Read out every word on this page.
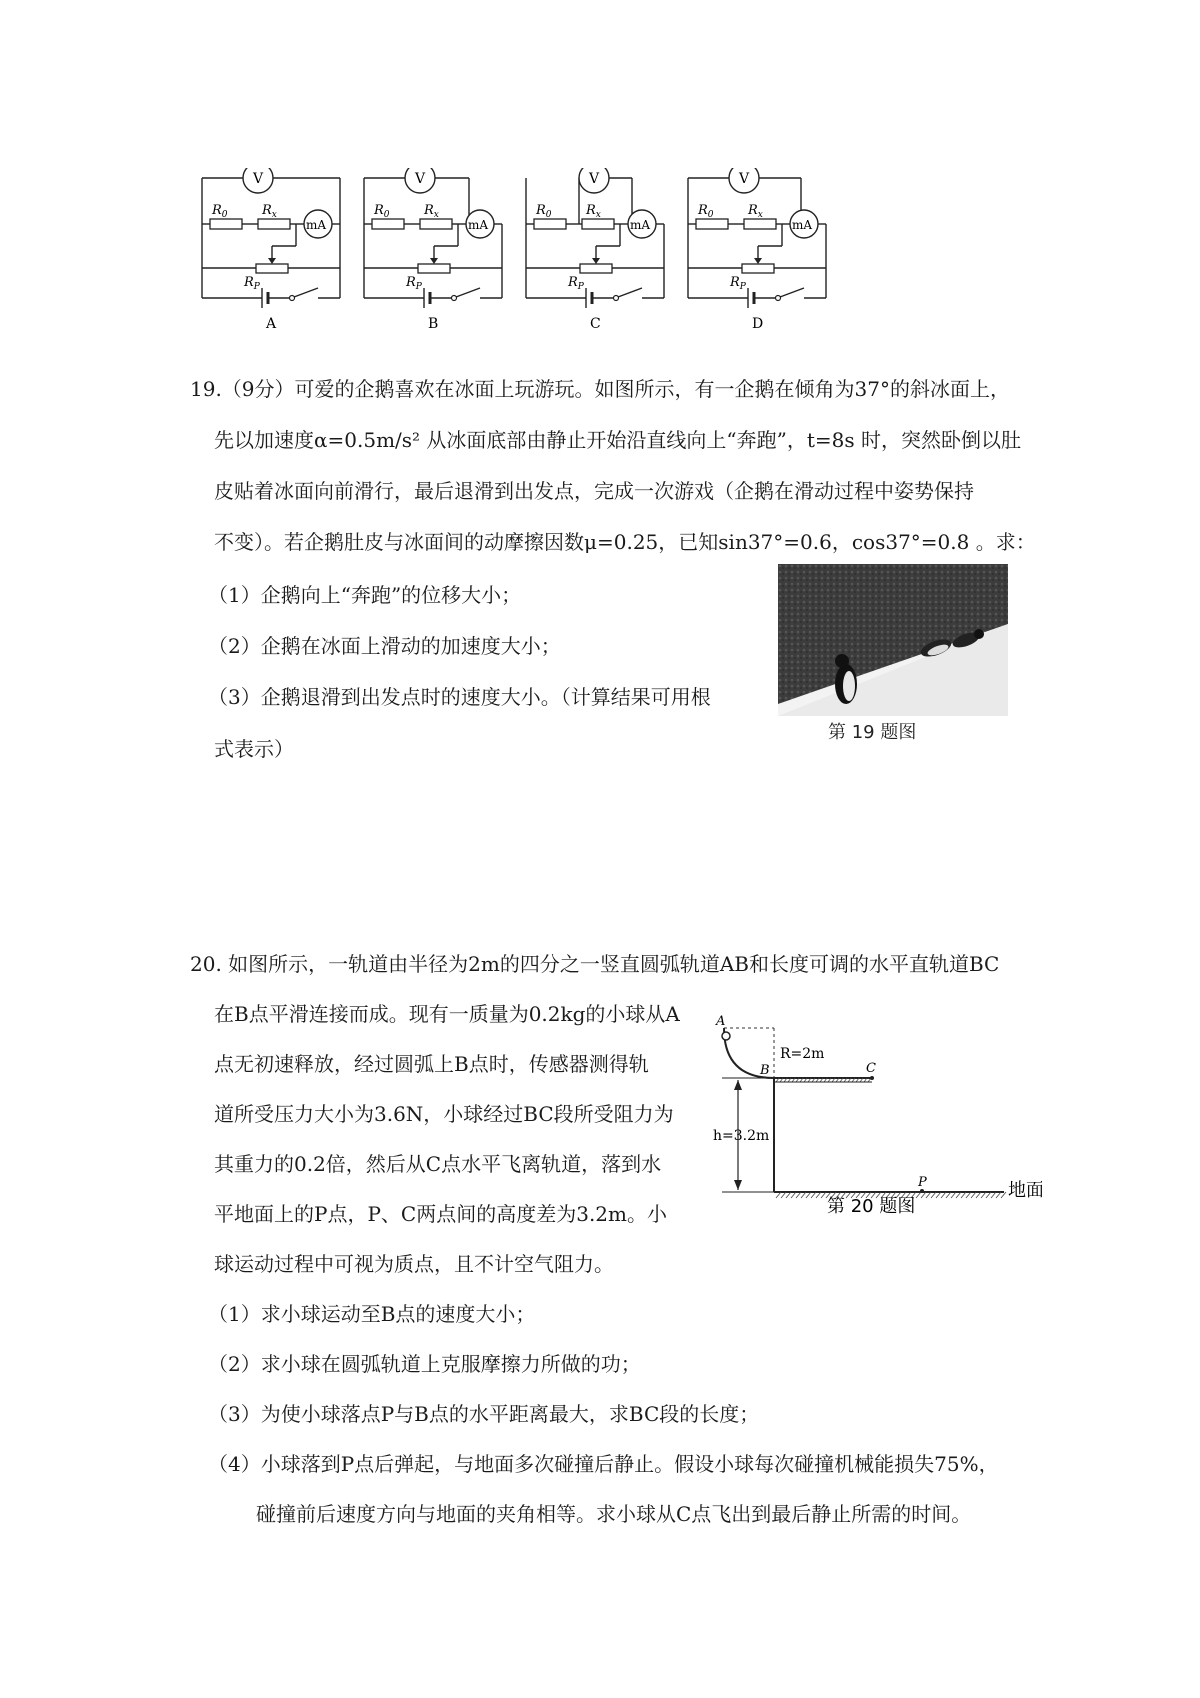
V
mA
$R_0$	$R_x$
$R_P$
A
V
mA
$R_0$	$R_x$
$R_P$
B
V
mA
$R_0$	$R_x$
$R_P$
C
V
mA
$R_0$	$R_x$
$R_P$
D
19.（9分）可爱的企鹅喜欢在冰面上玩游玩。如图所示，有一企鹅在倾角为37°的斜冰面上，
先以加速度α=0.5m/s² 从冰面底部由静止开始沿直线向上“奔跑”，t=8s 时，突然卧倒以肚
皮贴着冰面向前滑行，最后退滑到出发点，完成一次游戏（企鹅在滑动过程中姿势保持
不变）。若企鹅肚皮与冰面间的动摩擦因数μ=0.25，已知sin37°=0.6，cos37°=0.8 。求：
（1）企鹅向上“奔跑”的位移大小；
（2）企鹅在冰面上滑动的加速度大小；
（3）企鹅退滑到出发点时的速度大小。（计算结果可用根
式表示）
第 19 题图
20. 如图所示，一轨道由半径为2m的四分之一竖直圆弧轨道AB和长度可调的水平直轨道BC
在B点平滑连接而成。现有一质量为0.2kg的小球从A
点无初速释放，经过圆弧上B点时，传感器测得轨
道所受压力大小为3.6N，小球经过BC段所受阻力为
其重力的0.2倍，然后从C点水平飞离轨道，落到水
平地面上的P点，P、C两点间的高度差为3.2m。小
球运动过程中可视为质点，且不计空气阻力。
（1）求小球运动至B点的速度大小；
（2）求小球在圆弧轨道上克服摩擦力所做的功；
（3）为使小球落点P与B点的水平距离最大，求BC段的长度；
（4）小球落到P点后弹起，与地面多次碰撞后静止。假设小球每次碰撞机械能损失75%，
碰撞前后速度方向与地面的夹角相等。求小球从C点飞出到最后静止所需的时间。
A
B	C
P
R=2m
h=3.2m
地面
第 20 题图
